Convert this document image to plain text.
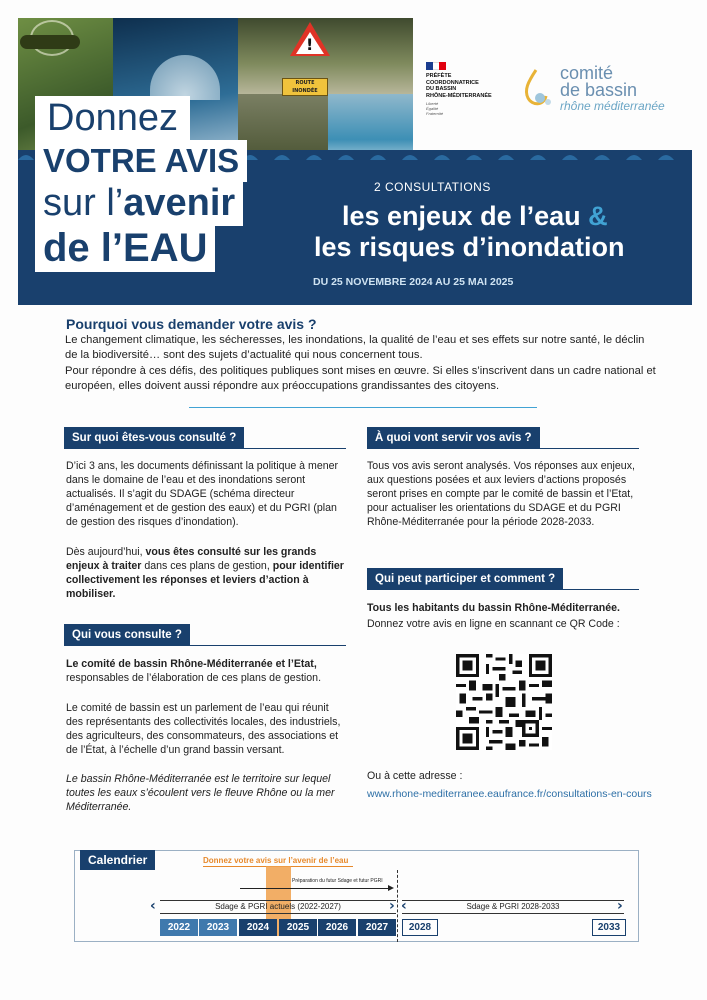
!
ROUTE INONDÉE
PRÉFÈTE
COORDONNATRICE
DU BASSIN
RHÔNE-MÉDITERRANÉE
Liberté
Égalité
Fraternité
comité
de bassin
rhône méditerranée
Donnez
VOTRE AVIS
sur l’avenir
de l’EAU
2 CONSULTATIONS
les enjeux de l’eau &
les risques d’inondation
DU 25 NOVEMBRE 2024 AU 25 MAI 2025
Pourquoi vous demander votre avis ?
Le changement climatique, les sécheresses, les inondations, la qualité de l’eau et ses effets sur notre santé, le déclin de la biodiversité… sont des sujets d’actualité qui nous concernent tous.
Pour répondre à ces défis, des politiques publiques sont mises en œuvre. Si elles s’inscrivent dans un cadre national et européen, elles doivent aussi répondre aux préoccupations grandissantes des citoyens.
Sur quoi êtes-vous consulté ?
D’ici 3 ans, les documents définissant la politique à mener dans le domaine de l’eau et des inondations seront actualisés. Il s’agit du SDAGE (schéma directeur d’aménagement et de gestion des eaux) et du PGRI (plan de gestion des risques d’inondation).
Dès aujourd’hui, vous êtes consulté sur les grands enjeux à traiter dans ces plans de gestion, pour identifier collectivement les réponses et leviers d’action à mobiliser.
Qui vous consulte ?
Le comité de bassin Rhône-Méditerranée et l’Etat, responsables de l’élaboration de ces plans de gestion.
Le comité de bassin est un parlement de l’eau qui réunit des représentants des collectivités locales, des industriels, des agriculteurs, des consommateurs, des associations et de l’État, à l’échelle d’un grand bassin versant.
Le bassin Rhône-Méditerranée est le territoire sur lequel toutes les eaux s’écoulent vers le fleuve Rhône ou la mer Méditerranée.
À quoi vont servir vos avis ?
Tous vos avis seront analysés. Vos réponses aux enjeux, aux questions posées et aux leviers d’actions proposés seront prises en compte par le comité de bassin et l’Etat, pour actualiser les orientations du SDAGE et du PGRI Rhône-Méditerranée pour la période 2028-2033.
Qui peut participer et comment ?
Tous les habitants du bassin Rhône-Méditerranée.
Donnez votre avis en ligne en scannant ce QR Code :
Ou à cette adresse :
www.rhone-mediterranee.eaufrance.fr/consultations-en-cours
Calendrier	Donnez votre avis sur l’avenir de l’eau
Préparation du futur Sdage et futur PGRI
‹	Sdage & PGRI actuels (2022-2027)	› ‹	Sdage & PGRI 2028-2033	›
2022	2023	2024	2025	2026	2027	2028	2033
